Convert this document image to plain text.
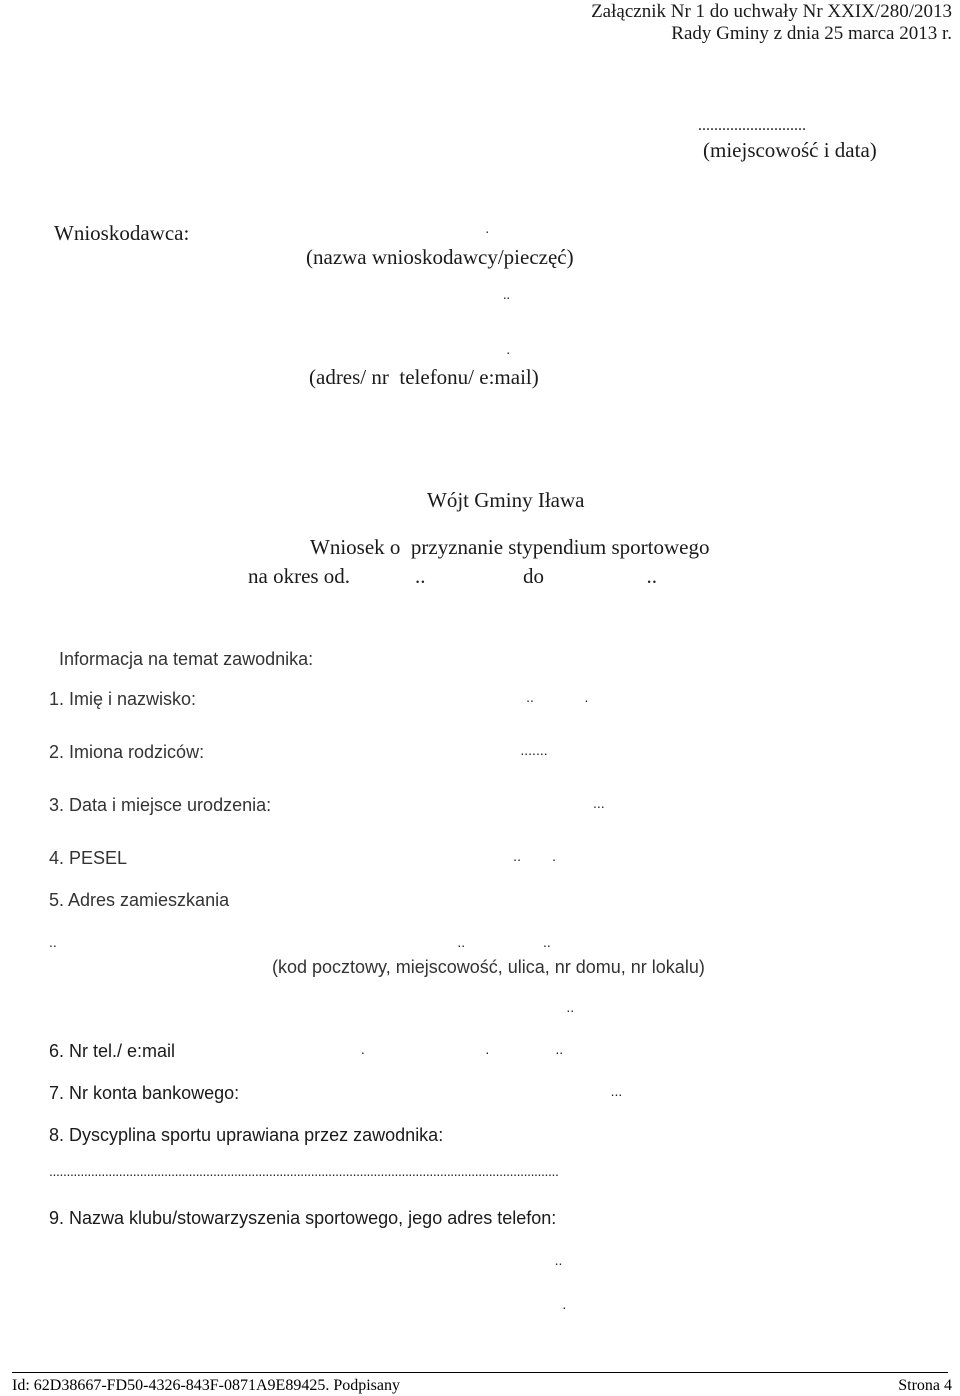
Załącznik Nr 1 do uchwały Nr XXIX/280/2013
Rady Gminy z dnia 25 marca 2013 r.
...........................
(miejscowość i data)
Wnioskodawca: .
(nazwa wnioskodawcy/pieczęć)
..
.
(adres/ nr  telefonu/ e:mail)
Wójt Gminy Iława
Wniosek o  przyznanie stypendium sportowego
na okres od. ..	do ..
Informacja na temat zawodnika:
1. Imię i nazwisko: ..             .
2. Imiona rodziców: .......
3. Data i miejsce urodzenia: ...
4. PESEL ..        .
5. Adres zamieszkania
..                                                                                                       ..                    ..
(kod pocztowy, miejscowość, ulica, nr domu, nr lokalu)
..
6. Nr tel./ e:mail .                               .                 ..
7. Nr konta bankowego: ...
8. Dyscyplina sportu uprawiana przez zawodnika:
..................................................................................................................................................
9. Nazwa klubu/stowarzyszenia sportowego, jego adres telefon:
..
.
Id: 62D38667-FD50-4326-843F-0871A9E89425. Podpisany	Strona 4
